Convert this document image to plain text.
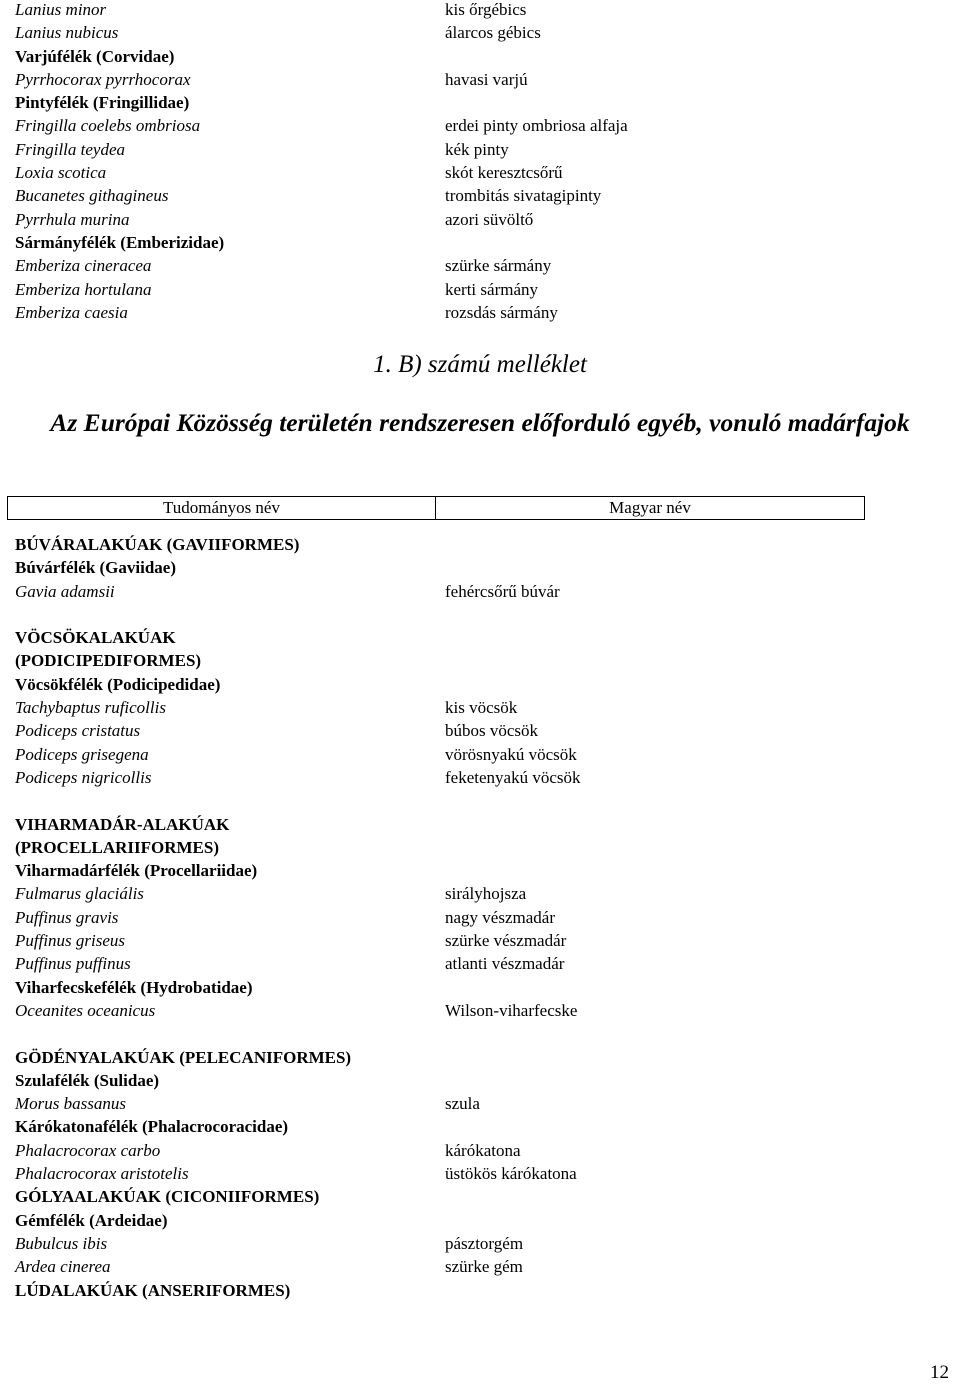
Lanius minor
Lanius nubicus
Varjúfélék (Corvidae)
Pyrrhocorax pyrrhocorax
Pintyfélék (Fringillidae)
Fringilla coelebs ombriosa
Fringilla teydea
Loxia scotica
Bucanetes githagineus
Pyrrhula murina
Sármányfélék (Emberizidae)
Emberiza cineracea
Emberiza hortulana
Emberiza caesia
kis őrgébics
álarcos gébics
havasi varjú
erdei pinty ombriosa alfaja
kék pinty
skót keresztcsőrű
trombitás sivatagipinty
azori süvöltő
szürke sármány
kerti sármány
rozsdás sármány
1. B) számú melléklet
Az Európai Közösség területén rendszeresen előforduló egyéb, vonuló madárfajok
Tudományos név	Magyar név
BÚVÁRALAKÚAK (GAVIIFORMES)
Búvárfélék (Gaviidae)
Gavia adamsii
VÖCSÖKALAKÚAK
(PODICIPEDIFORMES)
Vöcsökfélék (Podicipedidae)
Tachybaptus ruficollis
Podiceps cristatus
Podiceps grisegena
Podiceps nigricollis
VIHARMADÁR-ALAKÚAK
(PROCELLARIIFORMES)
Viharmadárfélék (Procellariidae)
Fulmarus glaciális
Puffinus gravis
Puffinus griseus
Puffinus puffinus
Viharfecskefélék (Hydrobatidae)
Oceanites oceanicus
GÖDÉNYALAKÚAK (PELECANIFORMES)
Szulafélék (Sulidae)
Morus bassanus
Kárókatonafélék (Phalacrocoracidae)
Phalacrocorax carbo
Phalacrocorax aristotelis
GÓLYAALAKÚAK (CICONIIFORMES)
Gémfélék (Ardeidae)
Bubulcus ibis
Ardea cinerea
LÚDALAKÚAK (ANSERIFORMES)
fehércsőrű búvár
kis vöcsök
búbos vöcsök
vörösnyakú vöcsök
feketenyakú vöcsök
sirályhojsza
nagy vészmadár
szürke vészmadár
atlanti vészmadár
Wilson-viharfecske
szula
kárókatona
üstökös kárókatona
pásztorgém
szürke gém
12
